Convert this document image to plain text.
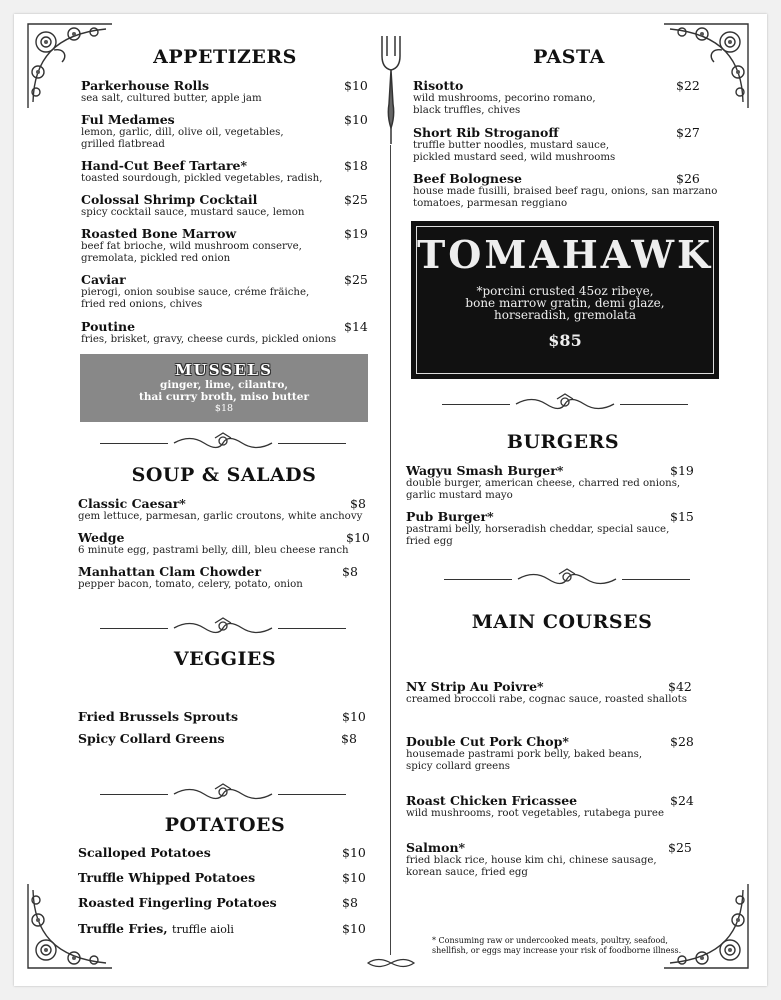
APPETIZERS
Parkerhouse Rolls
sea salt, cultured butter, apple jam
$10
Ful Medames
lemon, garlic, dill, olive oil, vegetables,
grilled flatbread
$10
Hand-Cut Beef Tartare*
toasted sourdough, pickled vegetables, radish,
$18
Colossal Shrimp Cocktail
spicy cocktail sauce, mustard sauce, lemon
$25
Roasted Bone Marrow
beef fat brioche, wild mushroom conserve,
gremolata, pickled red onion
$19
Caviar
pierogi, onion soubise sauce, créme fräiche,
fried red onions, chives
$25
Poutine
fries, brisket, gravy, cheese curds, pickled onions
$14
MUSSELS
ginger, lime, cilantro,
thai curry broth, miso butter
$18
SOUP & SALADS
Classic Caesar*
gem lettuce, parmesan, garlic croutons, white anchovy
$8
Wedge
6 minute egg, pastrami belly, dill, bleu cheese ranch
$10
Manhattan Clam Chowder
pepper bacon, tomato, celery, potato, onion
$8
VEGGIES
Fried Brussels Sprouts	$10
Spicy Collard Greens	$8
POTATOES
Scalloped Potatoes	$10
Truffle Whipped Potatoes	$10
Roasted Fingerling Potatoes	$8
Truffle Fries, truffle aioli	$10
PASTA
Risotto
wild mushrooms, pecorino romano,
black truffles, chives
$22
Short Rib Stroganoff
truffle butter noodles, mustard sauce,
pickled mustard seed, wild mushrooms
$27
Beef Bolognese
house made fusilli, braised beef ragu, onions, san marzano
tomatoes, parmesan reggiano
$26
TOMAHAWK
*porcini crusted 45oz ribeye,
bone marrow gratin, demi glaze,
horseradish, gremolata
$85
BURGERS
Wagyu Smash Burger*
double burger, american cheese, charred red onions,
garlic mustard mayo
$19
Pub Burger*
pastrami belly, horseradish cheddar, special sauce,
fried egg
$15
MAIN COURSES
NY Strip Au Poivre*
creamed broccoli rabe, cognac sauce, roasted shallots
$42
Double Cut Pork Chop*
housemade pastrami pork belly, baked beans,
spicy collard greens
$28
Roast Chicken Fricassee
wild mushrooms, root vegetables, rutabega puree
$24
Salmon*
fried black rice, house kim chi, chinese sausage,
korean sauce, fried egg
$25
* Consuming raw or undercooked meats, poultry, seafood, shellfish, or eggs may increase your risk of foodborne illness.
